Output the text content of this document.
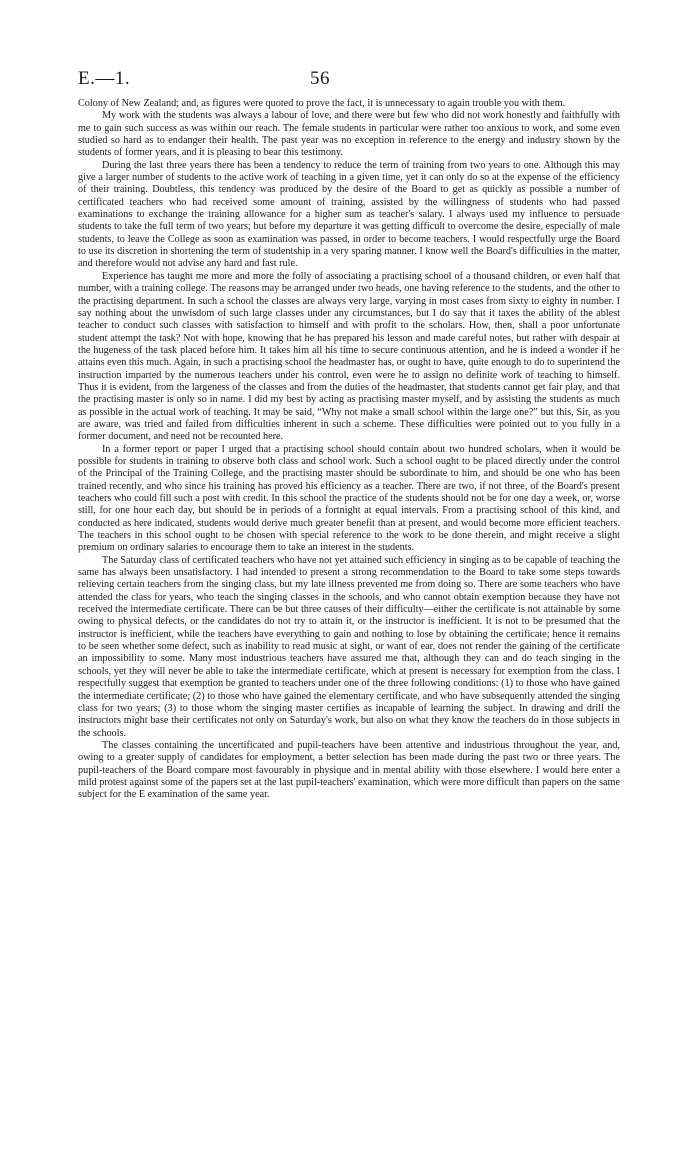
E.—1.	56

Colony of New Zealand; and, as figures were quoted to prove the fact, it is unnecessary to again trouble you with them.

My work with the students was always a labour of love, and there were but few who did not work honestly and faithfully with me to gain such success as was within our reach. The female students in particular were rather too anxious to work, and some even studied so hard as to endanger their health. The past year was no exception in reference to the energy and industry shown by the students of former years, and it is pleasing to bear this testimony.

During the last three years there has been a tendency to reduce the term of training from two years to one. Although this may give a larger number of students to the active work of teaching in a given time, yet it can only do so at the expense of the efficiency of their training. Doubtless, this tendency was produced by the desire of the Board to get as quickly as possible a number of certificated teachers who had received some amount of training, assisted by the willingness of students who had passed examinations to exchange the training allowance for a higher sum as teacher's salary. I always used my influence to persuade students to take the full term of two years; but before my departure it was getting difficult to overcome the desire, especially of male students, to leave the College as soon as examination was passed, in order to become teachers. I would respectfully urge the Board to use its discretion in shortening the term of studentship in a very sparing manner. I know well the Board's difficulties in the matter, and therefore would not advise any hard and fast rule.

Experience has taught me more and more the folly of associating a practising school of a thousand children, or even half that number, with a training college. The reasons may be arranged under two heads, one having reference to the students, and the other to the practising department. In such a school the classes are always very large, varying in most cases from sixty to eighty in number. I say nothing about the unwisdom of such large classes under any circumstances, but I do say that it taxes the ability of the ablest teacher to conduct such classes with satisfaction to himself and with profit to the scholars. How, then, shall a poor unfortunate student attempt the task? Not with hope, knowing that he has prepared his lesson and made careful notes, but rather with despair at the hugeness of the task placed before him. It takes him all his time to secure continuous attention, and he is indeed a wonder if he attains even this much. Again, in such a practising school the headmaster has, or ought to have, quite enough to do to superintend the instruction imparted by the numerous teachers under his control, even were he to assign no definite work of teaching to himself. Thus it is evident, from the largeness of the classes and from the duties of the headmaster, that students cannot get fair play, and that the practising master is only so in name. I did my best by acting as practising master myself, and by assisting the students as much as possible in the actual work of teaching. It may be said, “Why not make a small school within the large one?” but this, Sir, as you are aware, was tried and failed from difficulties inherent in such a scheme. These difficulties were pointed out to you fully in a former document, and need not be recounted here.

In a former report or paper I urged that a practising school should contain about two hundred scholars, when it would be possible for students in training to observe both class and school work. Such a school ought to be placed directly under the control of the Principal of the Training College, and the practising master should be subordinate to him, and should be one who has been trained recently, and who since his training has proved his efficiency as a teacher. There are two, if not three, of the Board's present teachers who could fill such a post with credit. In this school the practice of the students should not be for one day a week, or, worse still, for one hour each day, but should be in periods of a fortnight at equal intervals. From a practising school of this kind, and conducted as here indicated, students would derive much greater benefit than at present, and would become more efficient teachers. The teachers in this school ought to be chosen with special reference to the work to be done therein, and might receive a slight premium on ordinary salaries to encourage them to take an interest in the students.

The Saturday class of certificated teachers who have not yet attained such efficiency in singing as to be capable of teaching the same has always been unsatisfactory. I had intended to present a strong recommendation to the Board to take some steps towards relieving certain teachers from the singing class, but my late illness prevented me from doing so. There are some teachers who have attended the class for years, who teach the singing classes in the schools, and who cannot obtain exemption because they have not received the intermediate certificate. There can be but three causes of their difficulty—either the certificate is not attainable by some owing to physical defects, or the candidates do not try to attain it, or the instructor is inefficient. It is not to be presumed that the instructor is inefficient, while the teachers have everything to gain and nothing to lose by obtaining the certificate; hence it remains to be seen whether some defect, such as inability to read music at sight, or want of ear, does not render the gaining of the certificate an impossibility to some. Many most industrious teachers have assured me that, although they can and do teach singing in the schools, yet they will never be able to take the intermediate certificate, which at present is necessary for exemption from the class. I respectfully suggest that exemption be granted to teachers under one of the three following conditions: (1) to those who have gained the intermediate certificate; (2) to those who have gained the elementary certificate, and who have subsequently attended the singing class for two years; (3) to those whom the singing master certifies as incapable of learning the subject. In drawing and drill the instructors might base their certificates not only on Saturday's work, but also on what they know the teachers do in those subjects in the schools.

The classes containing the uncertificated and pupil-teachers have been attentive and industrious throughout the year, and, owing to a greater supply of candidates for employment, a better selection has been made during the past two or three years. The pupil-teachers of the Board compare most favourably in physique and in mental ability with those elsewhere. I would here enter a mild protest against some of the papers set at the last pupil-teachers' examination, which were more difficult than papers on the same subject for the E examination of the same year.
